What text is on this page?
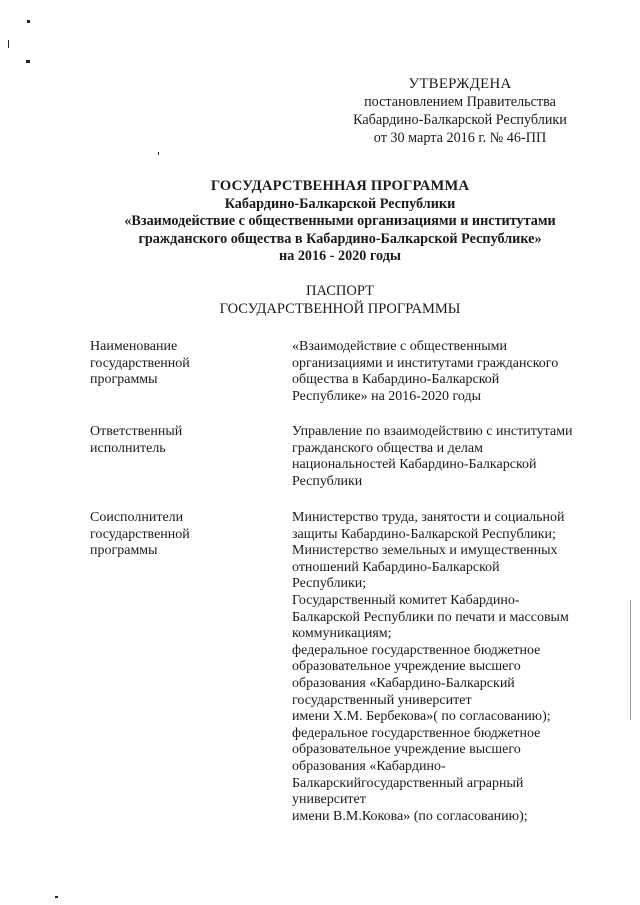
УТВЕРЖДЕНА
постановлением Правительства
Кабардино-Балкарской Республики
от 30 марта 2016 г. № 46-ПП
ГОСУДАРСТВЕННАЯ ПРОГРАММА
Кабардино-Балкарской Республики
«Взаимодействие с общественными организациями и институтами
гражданского общества в Кабардино-Балкарской Республике»
на 2016 - 2020 годы
ПАСПОРТ
ГОСУДАРСТВЕННОЙ ПРОГРАММЫ
Наименование
государственной
программы
«Взаимодействие с общественными
организациями и институтами гражданского
общества в Кабардино-Балкарской
Республике» на 2016-2020 годы
Ответственный
исполнитель
Управление по взаимодействию с институтами
гражданского общества и делам
национальностей Кабардино-Балкарской
Республики
Соисполнители
государственной
программы
Министерство труда, занятости и социальной
защиты Кабардино-Балкарской Республики;
Министерство земельных и имущественных
отношений Кабардино-Балкарской
Республики;
Государственный комитет Кабардино-
Балкарской Республики по печати и массовым
коммуникациям;
федеральное государственное бюджетное
образовательное учреждение высшего
образования «Кабардино-Балкарский
государственный университет
имени Х.М. Бербекова»( по согласованию);
федеральное государственное бюджетное
образовательное учреждение высшего
образования «Кабардино-
Балкарскийгосударственный аграрный
университет
имени В.М.Кокова» (по согласованию);
